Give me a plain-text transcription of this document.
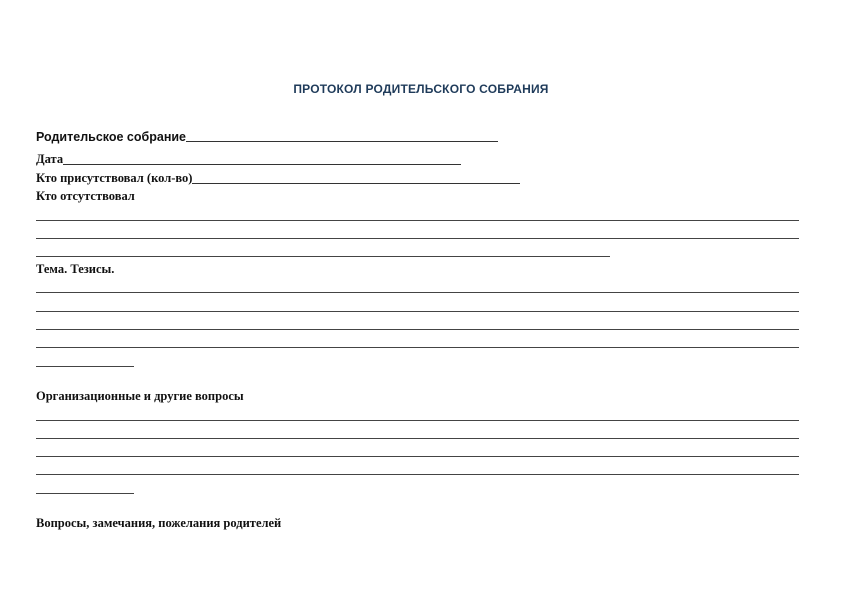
ПРОТОКОЛ РОДИТЕЛЬСКОГО СОБРАНИЯ
Родительское собрание
Дата
Кто присутствовал (кол-во)
Кто отсутствовал
Тема. Тезисы.
Организационные и другие вопросы
Вопросы, замечания, пожелания родителей
